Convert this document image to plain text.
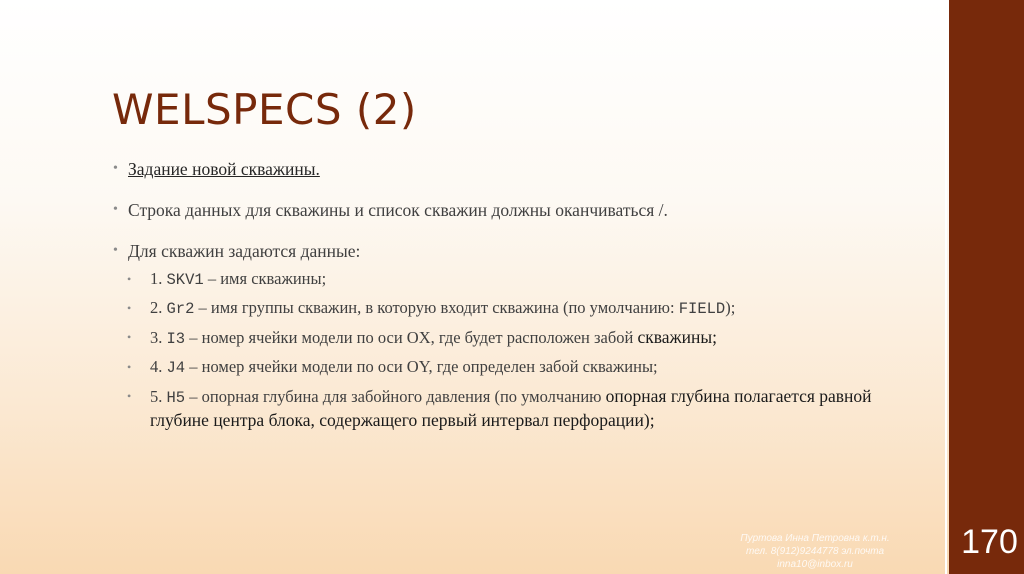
WELSPECS (2)
• Задание новой скважины.
• Строка данных для скважины и список скважин должны оканчиваться /.
• Для скважин задаются данные:
• 1. SKV1 – имя скважины;
• 2. Gr2 – имя группы скважин, в которую входит скважина (по умолчанию: FIELD);
• 3. I3 – номер ячейки модели по оси OX, где будет расположен забой скважины;
• 4. J4 – номер ячейки модели по оси OY, где определен забой скважины;
• 5. H5 – опорная глубина для забойного давления (по умолчанию опорная глубина полагается равной глубине центра блока, содержащего первый интервал перфорации);
Пуртова Инна Петровна к.т.н.
тел. 8(912)9244778 эл.почта
inna10@inbox.ru
170
